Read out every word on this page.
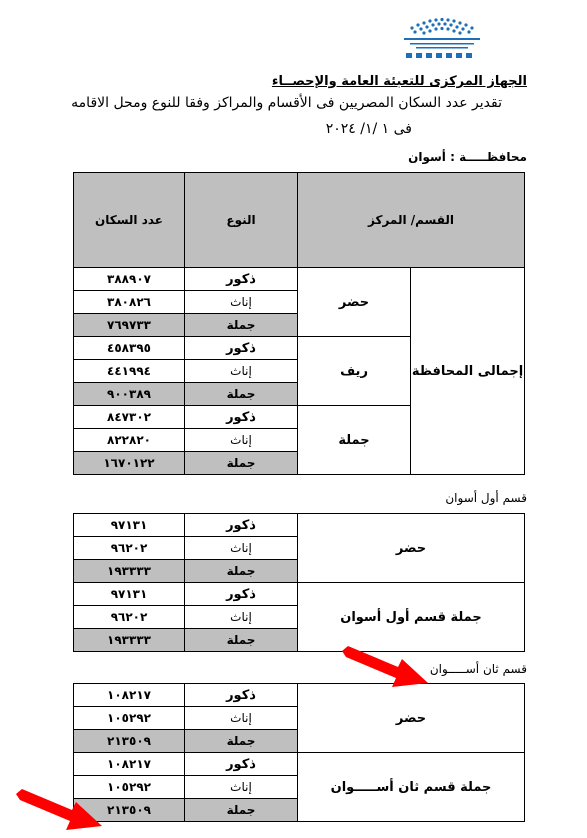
الجهاز المركزى للتعبئة العامة والإحصــاء
تقدير عدد السكان المصريين فى الأقسام والمراكز وفقا للنوع ومحل الاقامه
فى ١ /١/ ٢٠٢٤
محافظـــــة : أسوان
القسم/ المركز		النوع	عدد السكان
إجمالى المحافظة	حضر	ذكور	٣٨٨٩٠٧
		إناث	٣٨٠٨٢٦
		جملة	٧٦٩٧٣٣
	ريف	ذكور	٤٥٨٣٩٥
		إناث	٤٤١٩٩٤
		جملة	٩٠٠٣٨٩
	جملة	ذكور	٨٤٧٣٠٢
		إناث	٨٢٢٨٢٠
		جملة	١٦٧٠١٢٢
قسم أول أسوان
حضر	ذكور	٩٧١٣١
	إناث	٩٦٢٠٢
	جملة	١٩٣٣٣٣
جملة قسم أول أسوان	ذكور	٩٧١٣١
	إناث	٩٦٢٠٢
	جملة	١٩٣٣٣٣
قسم ثان أســـــوان
حضر	ذكور	١٠٨٢١٧
	إناث	١٠٥٢٩٢
	جملة	٢١٣٥٠٩
جملة قسم ثان أســـــوان	ذكور	١٠٨٢١٧
	إناث	١٠٥٢٩٢
	جملة	٢١٣٥٠٩
